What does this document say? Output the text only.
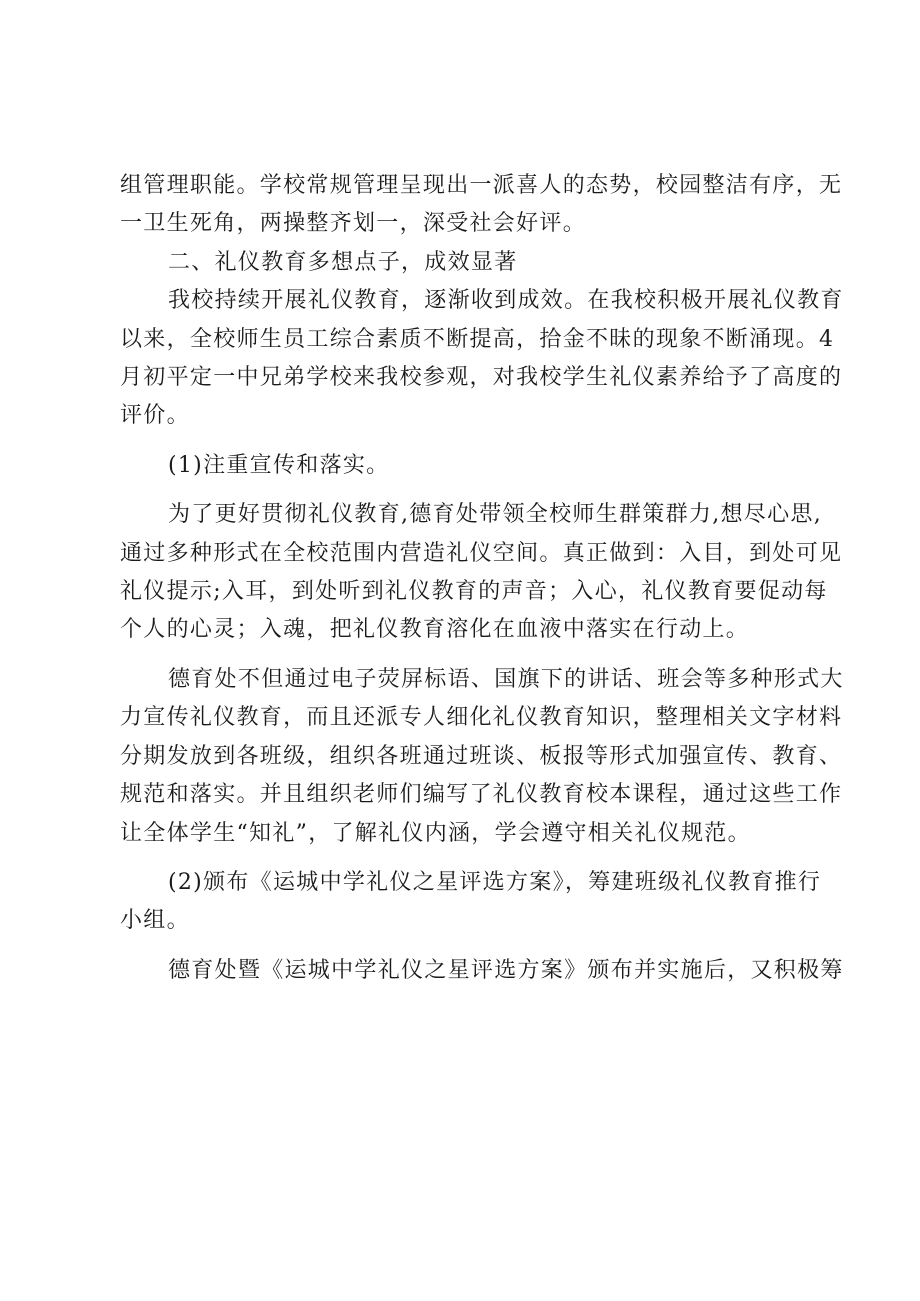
组管理职能。学校常规管理呈现出一派喜人的态势，校园整洁有序，无
一卫生死角，两操整齐划一，深受社会好评。
二、礼仪教育多想点子，成效显著
我校持续开展礼仪教育，逐渐收到成效。在我校积极开展礼仪教育
以来，全校师生员工综合素质不断提高，拾金不昧的现象不断涌现。4
月初平定一中兄弟学校来我校参观，对我校学生礼仪素养给予了高度的
评价。
(1)注重宣传和落实。
为了更好贯彻礼仪教育,德育处带领全校师生群策群力,想尽心思,
通过多种形式在全校范围内营造礼仪空间。真正做到：入目，到处可见
礼仪提示;入耳，到处听到礼仪教育的声音；入心，礼仪教育要促动每
个人的心灵；入魂，把礼仪教育溶化在血液中落实在行动上。
德育处不但通过电子荧屏标语、国旗下的讲话、班会等多种形式大
力宣传礼仪教育，而且还派专人细化礼仪教育知识，整理相关文字材料
分期发放到各班级，组织各班通过班谈、板报等形式加强宣传、教育、
规范和落实。并且组织老师们编写了礼仪教育校本课程，通过这些工作
让全体学生“知礼”，了解礼仪内涵，学会遵守相关礼仪规范。
(2)颁布《运城中学礼仪之星评选方案》，筹建班级礼仪教育推行
小组。
德育处暨《运城中学礼仪之星评选方案》颁布并实施后，又积极筹
